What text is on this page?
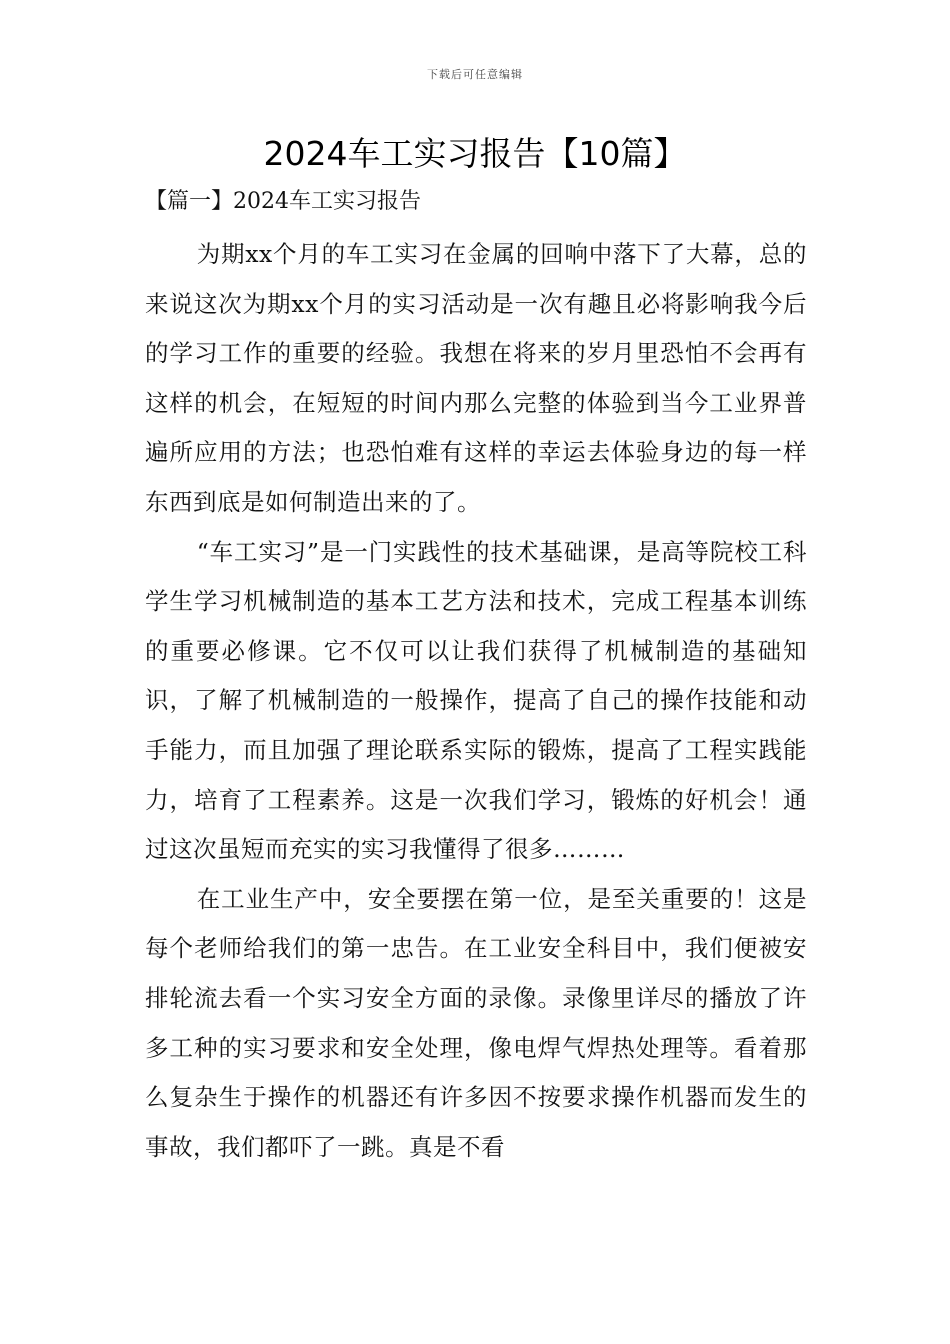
下载后可任意编辑
2024车工实习报告【10篇】
【篇一】2024车工实习报告

为期xx个月的车工实习在金属的回响中落下了大幕，总的来说这次为期xx个月的实习活动是一次有趣且必将影响我今后的学习工作的重要的经验。我想在将来的岁月里恐怕不会再有这样的机会，在短短的时间内那么完整的体验到当今工业界普遍所应用的方法；也恐怕难有这样的幸运去体验身边的每一样东西到底是如何制造出来的了。

“车工实习”是一门实践性的技术基础课，是高等院校工科学生学习机械制造的基本工艺方法和技术，完成工程基本训练的重要必修课。它不仅可以让我们获得了机械制造的基础知识，了解了机械制造的一般操作，提高了自己的操作技能和动手能力，而且加强了理论联系实际的锻炼，提高了工程实践能力，培育了工程素养。这是一次我们学习，锻炼的好机会！通过这次虽短而充实的实习我懂得了很多………

在工业生产中，安全要摆在第一位，是至关重要的！这是每个老师给我们的第一忠告。在工业安全科目中，我们便被安排轮流去看一个实习安全方面的录像。录像里详尽的播放了许多工种的实习要求和安全处理，像电焊气焊热处理等。看着那么复杂生于操作的机器还有许多因不按要求操作机器而发生的事故，我们都吓了一跳。真是不看
